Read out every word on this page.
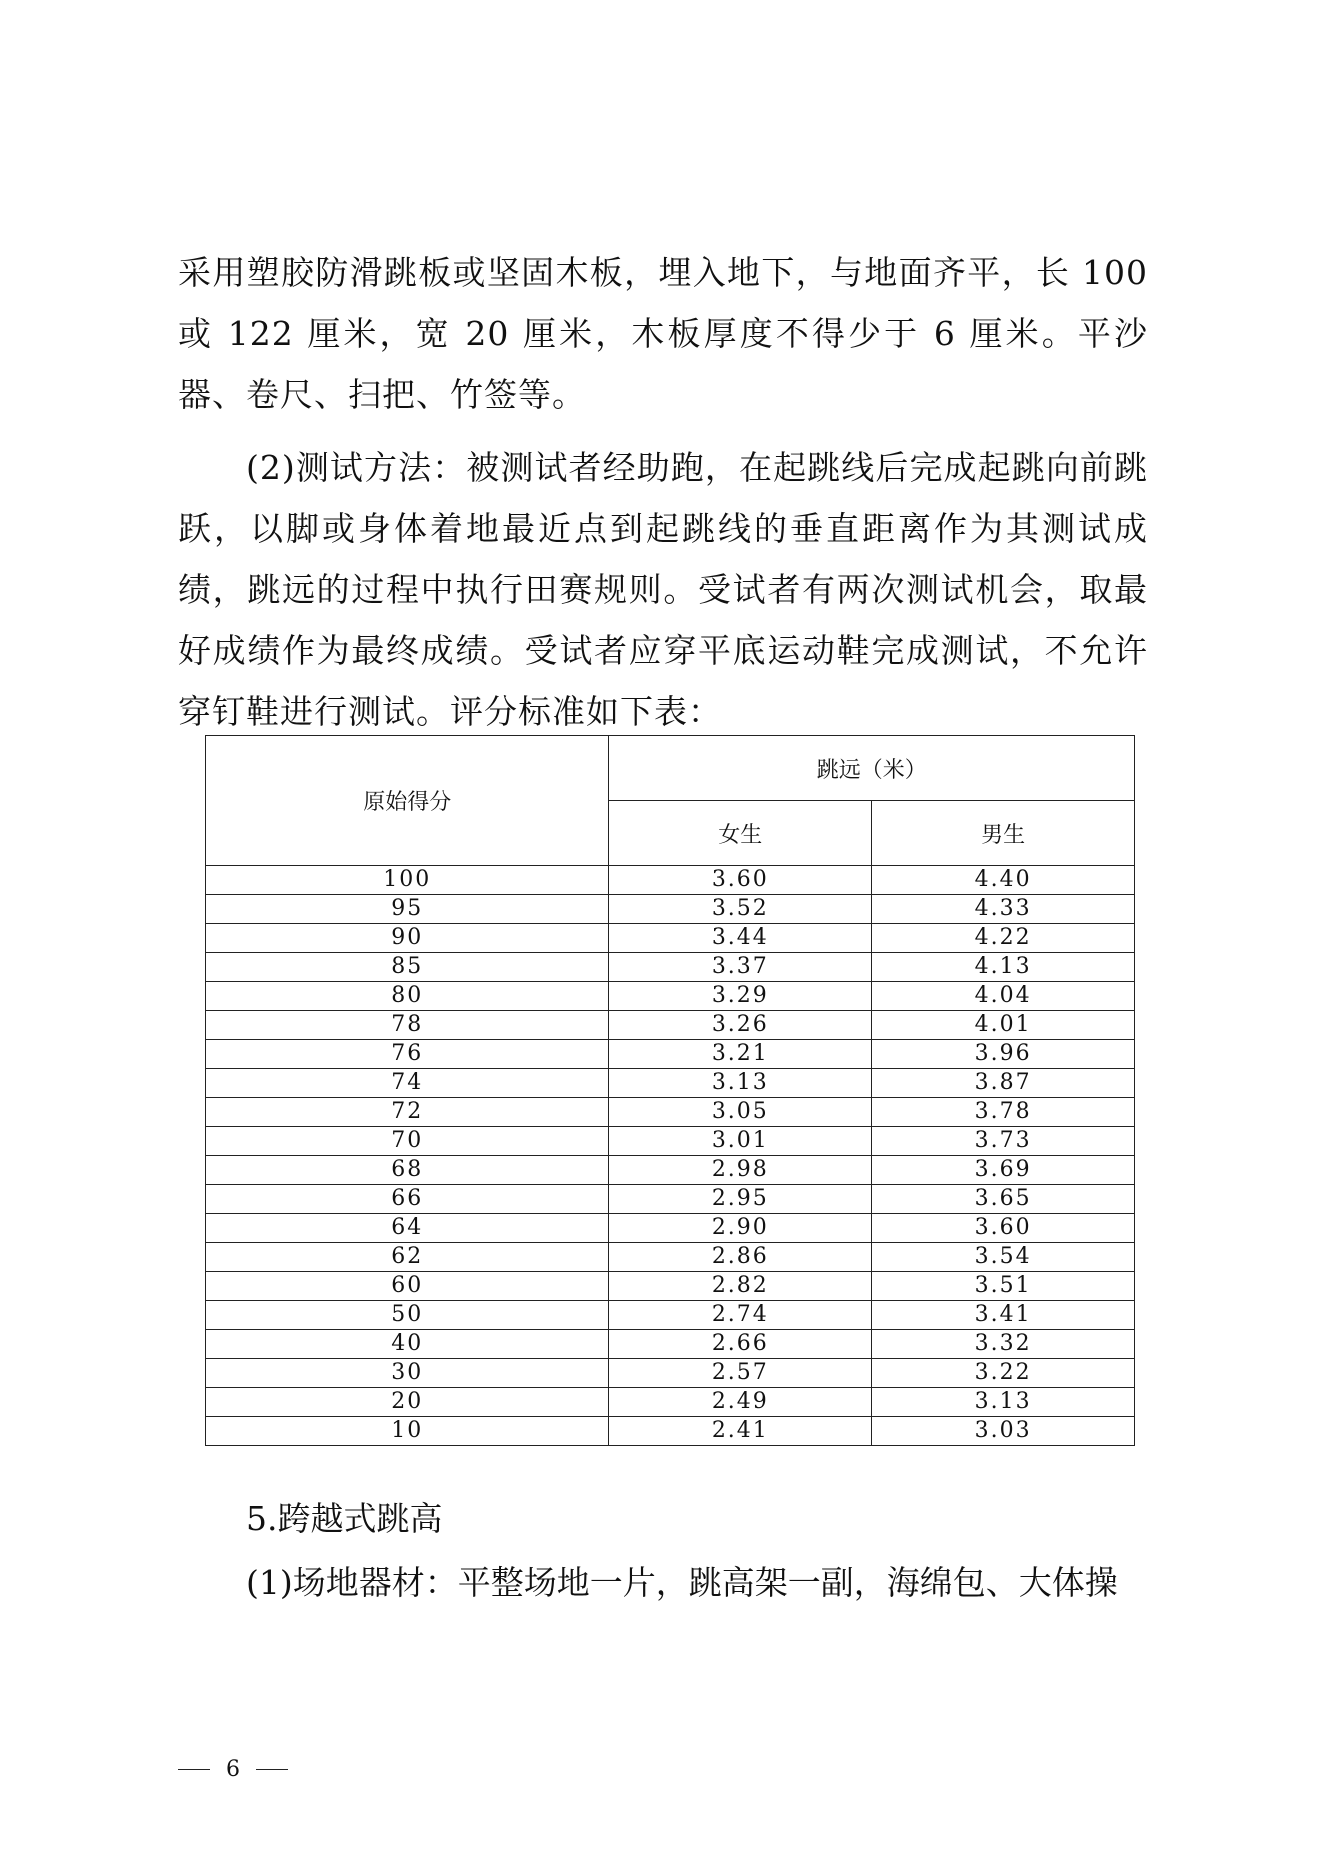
采用塑胶防滑跳板或坚固木板，埋入地下，与地面齐平，长 100 或 122 厘米，宽 20 厘米，木板厚度不得少于 6 厘米。平沙器、卷尺、扫把、竹签等。
(2)测试方法：被测试者经助跑，在起跳线后完成起跳向前跳跃，以脚或身体着地最近点到起跳线的垂直距离作为其测试成绩，跳远的过程中执行田赛规则。受试者有两次测试机会，取最好成绩作为最终成绩。受试者应穿平底运动鞋完成测试，不允许穿钉鞋进行测试。评分标准如下表：
原始得分	跳远（米）	
	女生	男生
100	3.60	4.40
95	3.52	4.33
90	3.44	4.22
85	3.37	4.13
80	3.29	4.04
78	3.26	4.01
76	3.21	3.96
74	3.13	3.87
72	3.05	3.78
70	3.01	3.73
68	2.98	3.69
66	2.95	3.65
64	2.90	3.60
62	2.86	3.54
60	2.82	3.51
50	2.74	3.41
40	2.66	3.32
30	2.57	3.22
20	2.49	3.13
10	2.41	3.03
5.跨越式跳高
(1)场地器材：平整场地一片，跳高架一副，海绵包、大体操
6
